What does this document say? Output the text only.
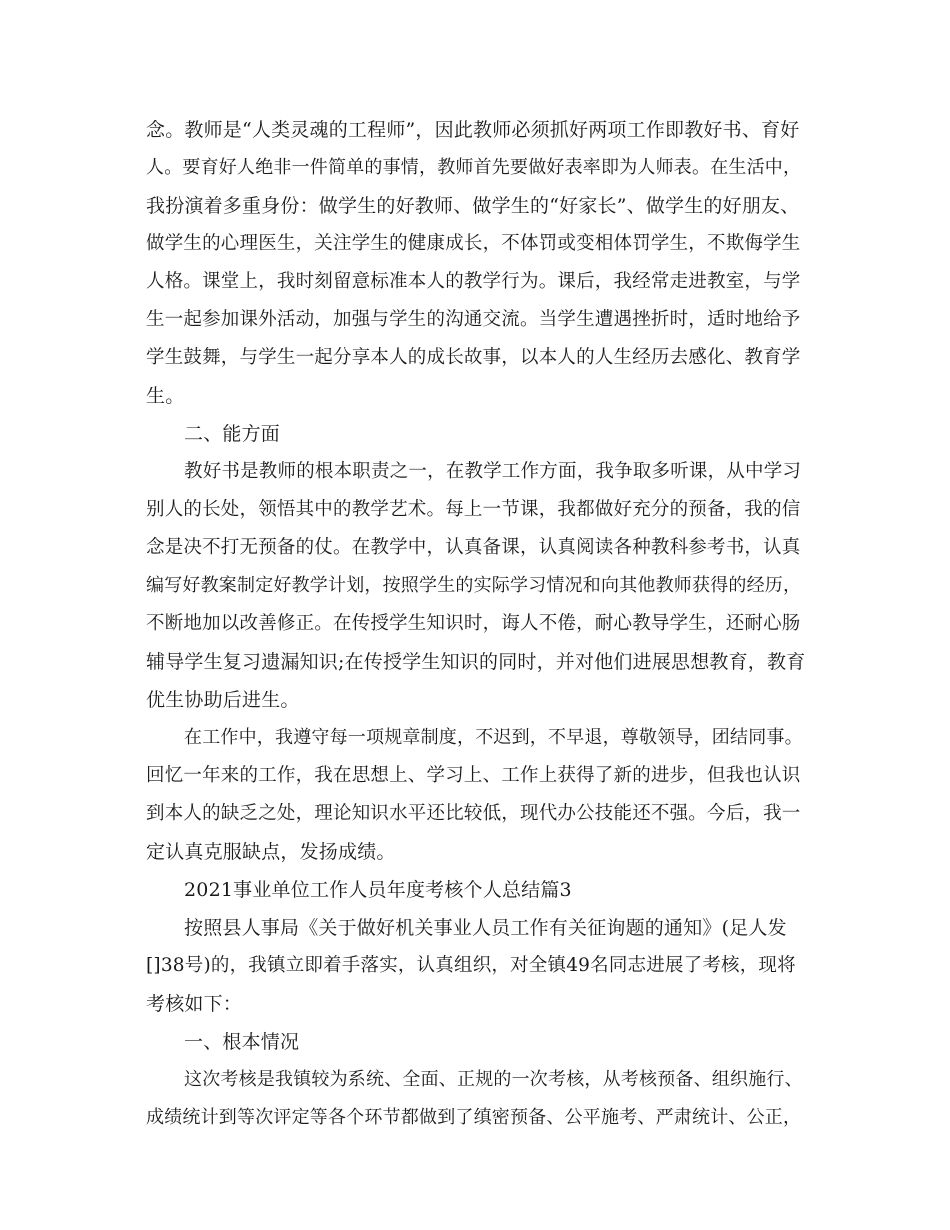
念。教师是“人类灵魂的工程师”，因此教师必须抓好两项工作即教好书、育好
人。要育好人绝非一件简单的事情，教师首先要做好表率即为人师表。在生活中，
我扮演着多重身份：做学生的好教师、做学生的“好家长”、做学生的好朋友、
做学生的心理医生，关注学生的健康成长，不体罚或变相体罚学生，不欺侮学生
人格。课堂上，我时刻留意标准本人的教学行为。课后，我经常走进教室，与学
生一起参加课外活动，加强与学生的沟通交流。当学生遭遇挫折时，适时地给予
学生鼓舞，与学生一起分享本人的成长故事，以本人的人生经历去感化、教育学
生。
二、能方面
教好书是教师的根本职责之一，在教学工作方面，我争取多听课，从中学习
别人的长处，领悟其中的教学艺术。每上一节课，我都做好充分的预备，我的信
念是决不打无预备的仗。在教学中，认真备课，认真阅读各种教科参考书，认真
编写好教案制定好教学计划，按照学生的实际学习情况和向其他教师获得的经历，
不断地加以改善修正。在传授学生知识时，诲人不倦，耐心教导学生，还耐心肠
辅导学生复习遗漏知识;在传授学生知识的同时，并对他们进展思想教育，教育
优生协助后进生。
在工作中，我遵守每一项规章制度，不迟到，不早退，尊敬领导，团结同事。
回忆一年来的工作，我在思想上、学习上、工作上获得了新的进步，但我也认识
到本人的缺乏之处，理论知识水平还比较低，现代办公技能还不强。今后，我一
定认真克服缺点，发扬成绩。
2021事业单位工作人员年度考核个人总结篇3
按照县人事局《关于做好机关事业人员工作有关征询题的通知》(足人发
[]38号)的，我镇立即着手落实，认真组织，对全镇49名同志进展了考核，现将
考核如下：
一、根本情况
这次考核是我镇较为系统、全面、正规的一次考核，从考核预备、组织施行、
成绩统计到等次评定等各个环节都做到了缜密预备、公平施考、严肃统计、公正，
